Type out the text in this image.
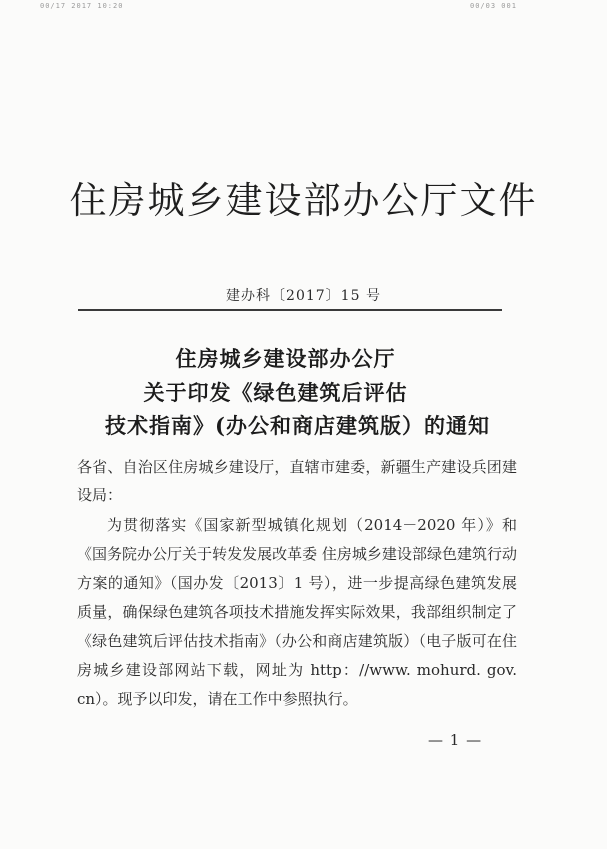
00/17 2017 10:20	00/03 001
住房城乡建设部办公厅文件
建办科〔2017〕15 号
住房城乡建设部办公厅
关于印发《绿色建筑后评估
技术指南》(办公和商店建筑版）的通知
各省、自治区住房城乡建设厅，直辖市建委，新疆生产建设兵团建设局：
为贯彻落实《国家新型城镇化规划（2014－2020 年）》和《国务院办公厅关于转发发展改革委 住房城乡建设部绿色建筑行动方案的通知》（国办发〔2013〕1 号），进一步提高绿色建筑发展质量，确保绿色建筑各项技术措施发挥实际效果，我部组织制定了《绿色建筑后评估技术指南》（办公和商店建筑版）（电子版可在住房城乡建设部网站下载，网址为 http：//www. mohurd. gov. cn）。现予以印发，请在工作中参照执行。
— 1 —
